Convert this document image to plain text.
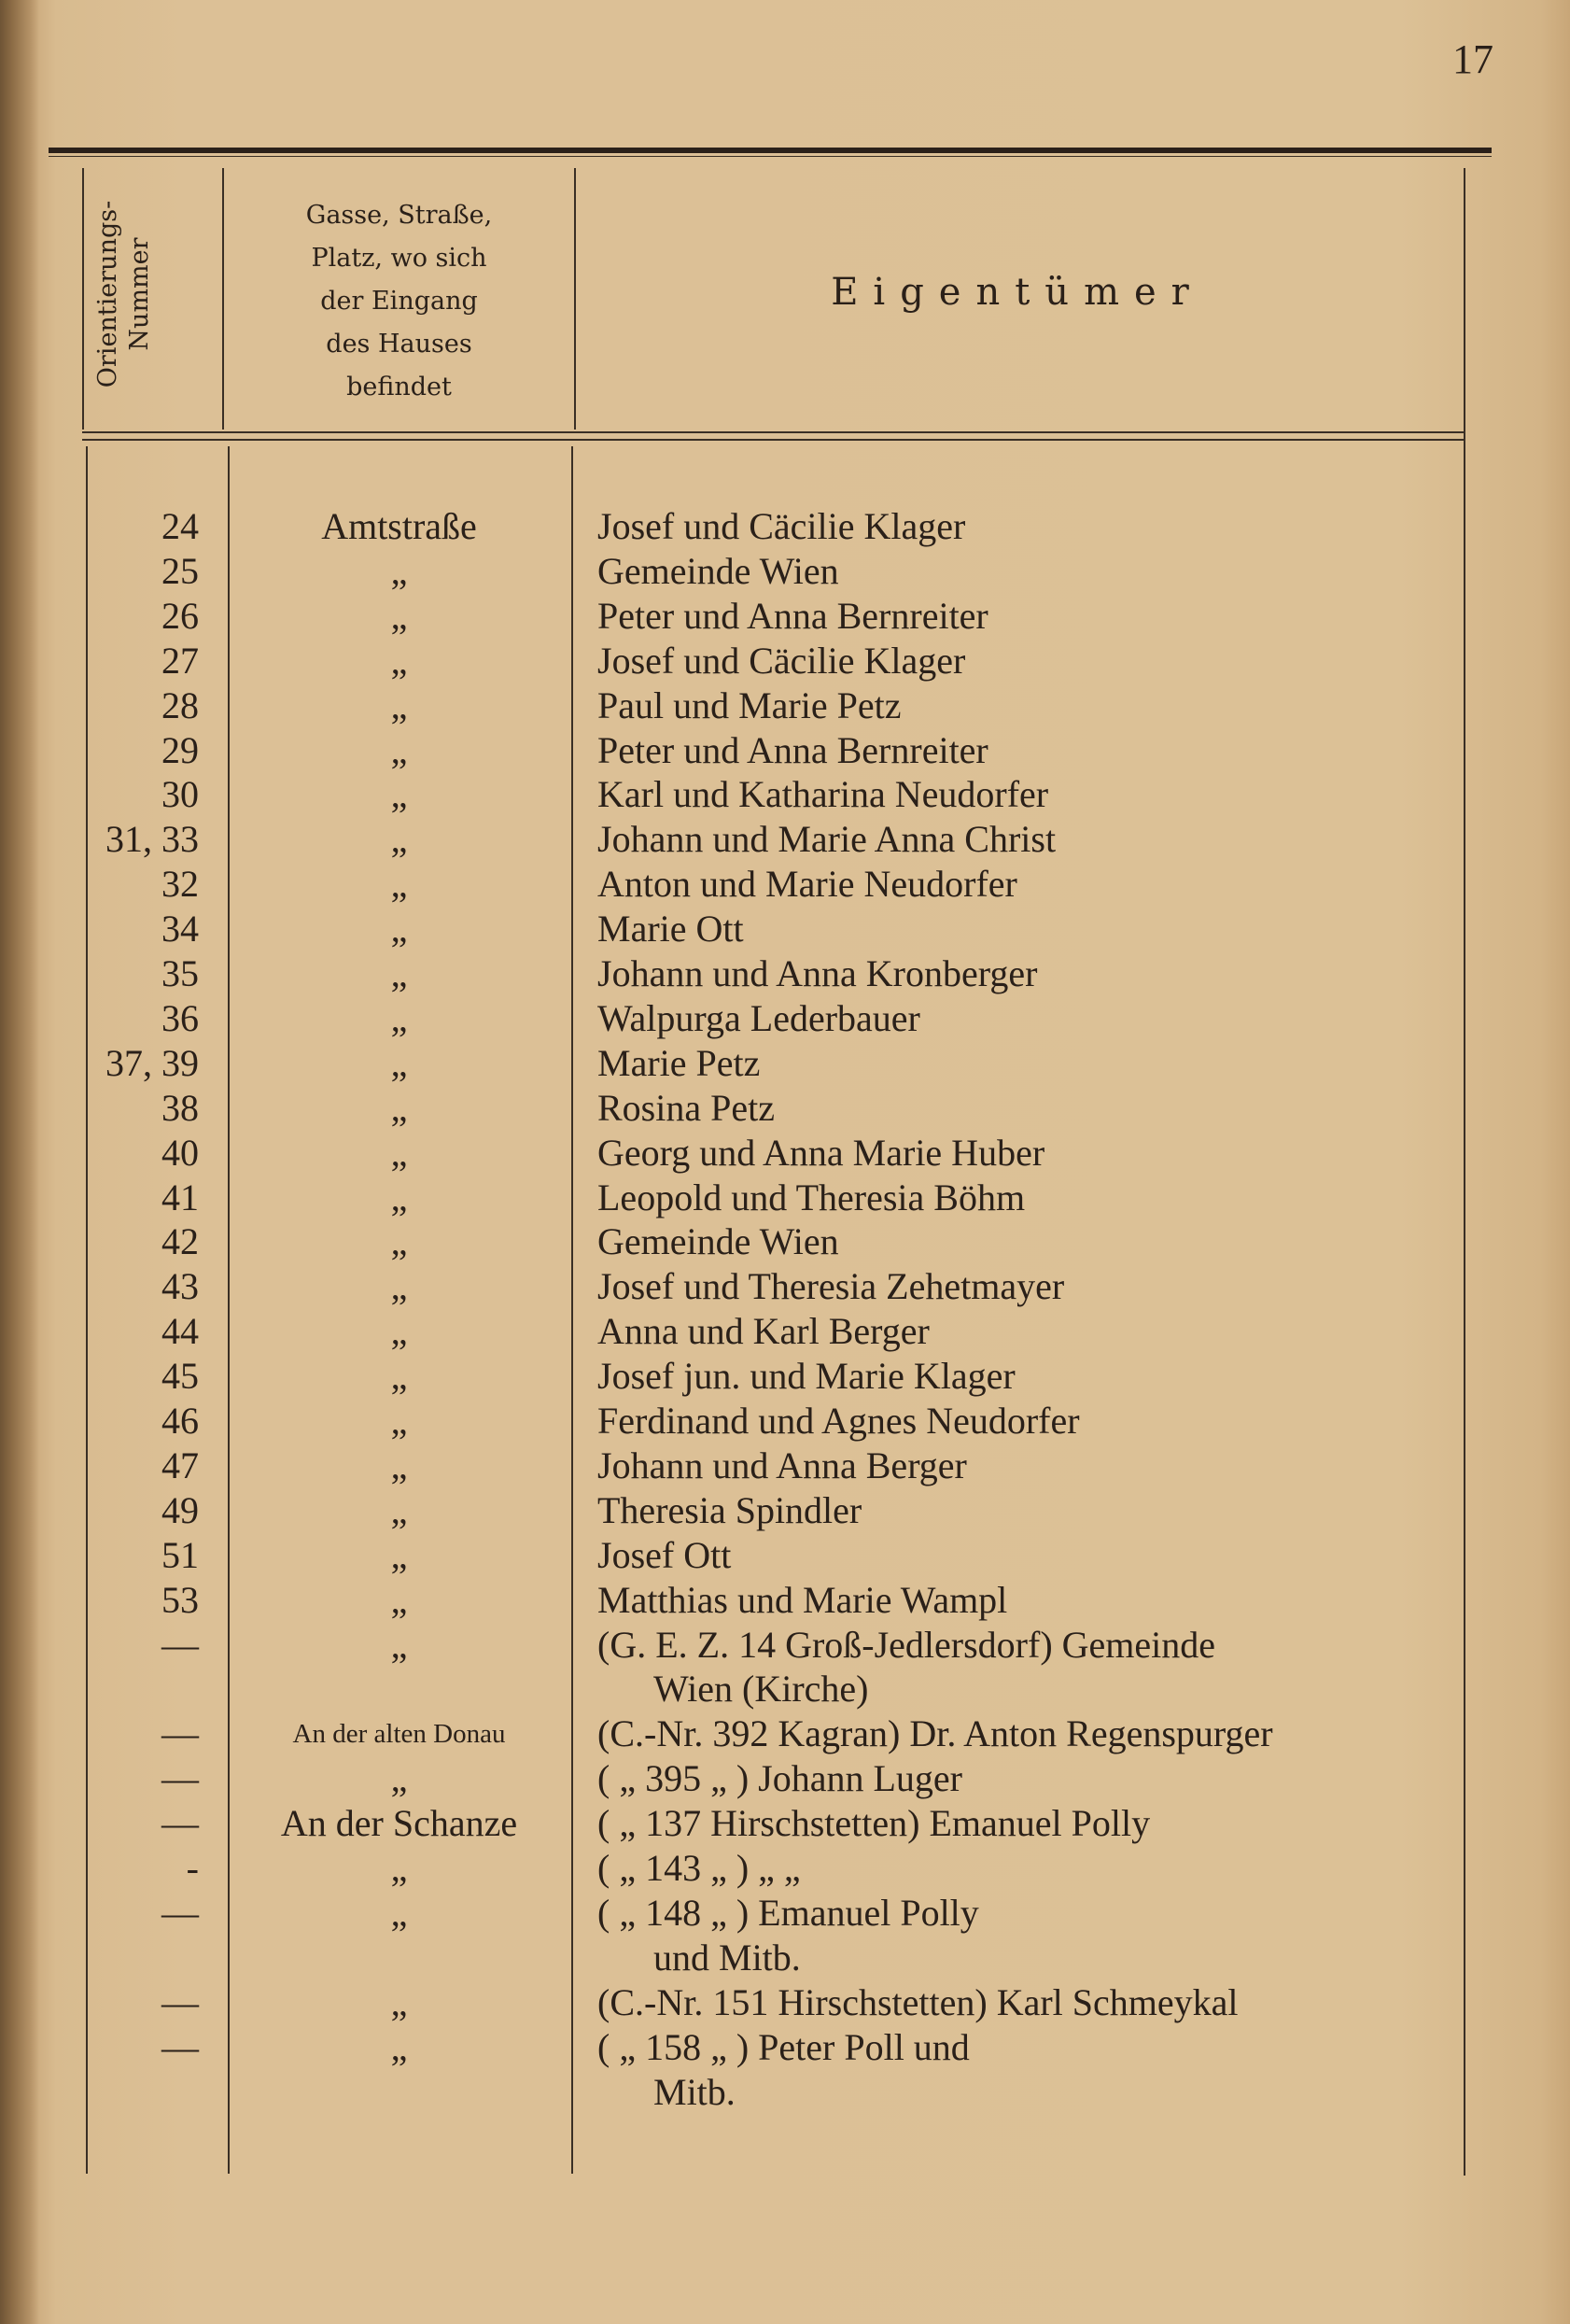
17
Orientierungs-
Nummer
Gasse, Straße,
Platz, wo sich
der Eingang
des Hauses
befindet
Eigentümer
24	Amtstraße	Josef und Cäcilie Klager
25	„	Gemeinde Wien
26	„	Peter und Anna Bernreiter
27	„	Josef und Cäcilie Klager
28	„	Paul und Marie Petz
29	„	Peter und Anna Bernreiter
30	„	Karl und Katharina Neudorfer
31, 33	„	Johann und Marie Anna Christ
32	„	Anton und Marie Neudorfer
34	„	Marie Ott
35	„	Johann und Anna Kronberger
36	„	Walpurga Lederbauer
37, 39	„	Marie Petz
38	„	Rosina Petz
40	„	Georg und Anna Marie Huber
41	„	Leopold und Theresia Böhm
42	„	Gemeinde Wien
43	„	Josef und Theresia Zehetmayer
44	„	Anna und Karl Berger
45	„	Josef jun. und Marie Klager
46	„	Ferdinand und Agnes Neudorfer
47	„	Johann und Anna Berger
49	„	Theresia Spindler
51	„	Josef Ott
53	„	Matthias und Marie Wampl
—	„	(G. E. Z. 14 Groß-Jedlersdorf) Gemeinde
Wien (Kirche)
—	An der alten Donau	(C.-Nr. 392 Kagran) Dr. Anton Regenspurger
—	„	( „ 395 „ ) Johann Luger
—	An der Schanze	( „ 137 Hirschstetten) Emanuel Polly
-	„	( „ 143 „ ) „ „
—	„	( „ 148 „ ) Emanuel Polly
und Mitb.
—	„	(C.-Nr. 151 Hirschstetten) Karl Schmeykal
—	„	( „ 158 „ ) Peter Poll und
Mitb.
